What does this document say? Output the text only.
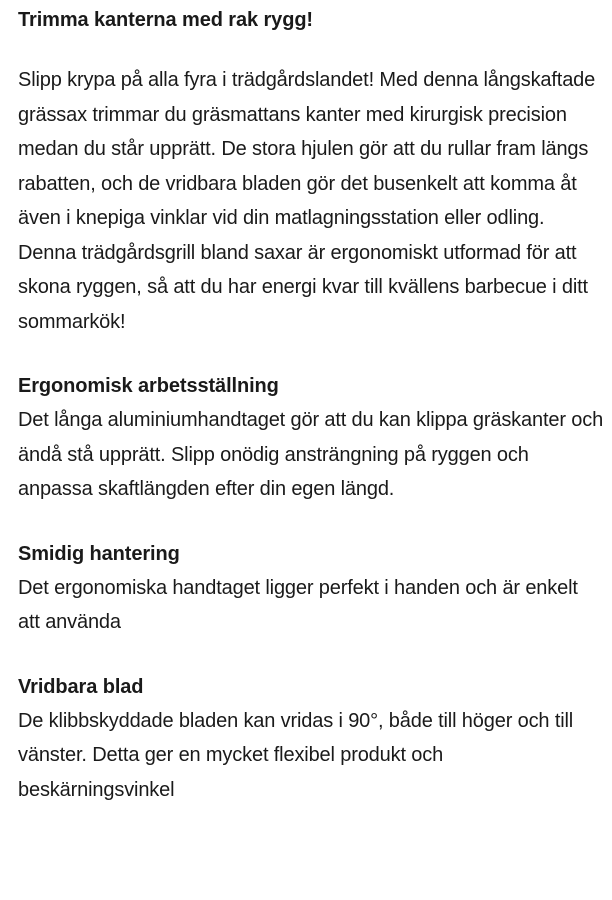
Trimma kanterna med rak rygg!

Slipp krypa på alla fyra i trädgårdslandet! Med denna långskaftade grässax trimmar du gräsmattans kanter med kirurgisk precision medan du står upprätt. De stora hjulen gör att du rullar fram längs rabatten, och de vridbara bladen gör det busenkelt att komma åt även i knepiga vinklar vid din matlagningsstation eller odling. Denna trädgårdsgrill bland saxar är ergonomiskt utformad för att skona ryggen, så att du har energi kvar till kvällens barbecue i ditt sommarkök!

Ergonomisk arbetsställning

Det långa aluminiumhandtaget gör att du kan klippa gräskanter och ändå stå upprätt. Slipp onödig ansträngning på ryggen och anpassa skaftlängden efter din egen längd.

Smidig hantering

Det ergonomiska handtaget ligger perfekt i handen och är enkelt att använda

Vridbara blad

De klibbskyddade bladen kan vridas i 90°, både till höger och till vänster. Detta ger en mycket flexibel produkt och beskärningsvinkel
